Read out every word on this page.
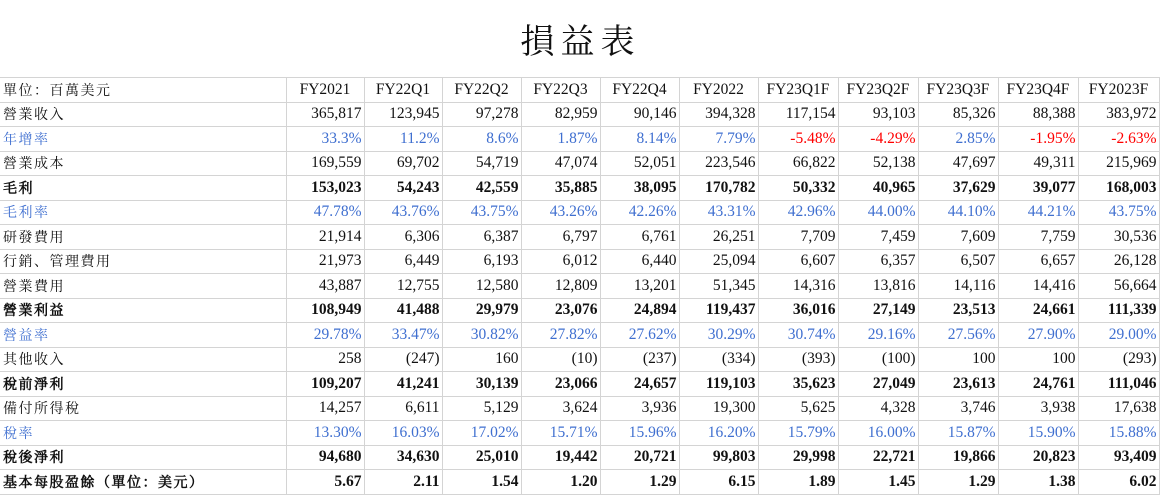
損益表
單位：百萬美元	FY2021	FY22Q1	FY22Q2	FY22Q3	FY22Q4	FY2022	FY23Q1F	FY23Q2F	FY23Q3F	FY23Q4F	FY2023F
營業收入	365,817	123,945	97,278	82,959	90,146	394,328	117,154	93,103	85,326	88,388	383,972
年增率	33.3%	11.2%	8.6%	1.87%	8.14%	7.79%	-5.48%	-4.29%	2.85%	-1.95%	-2.63%
營業成本	169,559	69,702	54,719	47,074	52,051	223,546	66,822	52,138	47,697	49,311	215,969
毛利	153,023	54,243	42,559	35,885	38,095	170,782	50,332	40,965	37,629	39,077	168,003
毛利率	47.78%	43.76%	43.75%	43.26%	42.26%	43.31%	42.96%	44.00%	44.10%	44.21%	43.75%
研發費用	21,914	6,306	6,387	6,797	6,761	26,251	7,709	7,459	7,609	7,759	30,536
行銷、管理費用	21,973	6,449	6,193	6,012	6,440	25,094	6,607	6,357	6,507	6,657	26,128
營業費用	43,887	12,755	12,580	12,809	13,201	51,345	14,316	13,816	14,116	14,416	56,664
營業利益	108,949	41,488	29,979	23,076	24,894	119,437	36,016	27,149	23,513	24,661	111,339
營益率	29.78%	33.47%	30.82%	27.82%	27.62%	30.29%	30.74%	29.16%	27.56%	27.90%	29.00%
其他收入	258	(247)	160	(10)	(237)	(334)	(393)	(100)	100	100	(293)
稅前淨利	109,207	41,241	30,139	23,066	24,657	119,103	35,623	27,049	23,613	24,761	111,046
備付所得稅	14,257	6,611	5,129	3,624	3,936	19,300	5,625	4,328	3,746	3,938	17,638
稅率	13.30%	16.03%	17.02%	15.71%	15.96%	16.20%	15.79%	16.00%	15.87%	15.90%	15.88%
稅後淨利	94,680	34,630	25,010	19,442	20,721	99,803	29,998	22,721	19,866	20,823	93,409
基本每股盈餘（單位：美元）	5.67	2.11	1.54	1.20	1.29	6.15	1.89	1.45	1.29	1.38	6.02
